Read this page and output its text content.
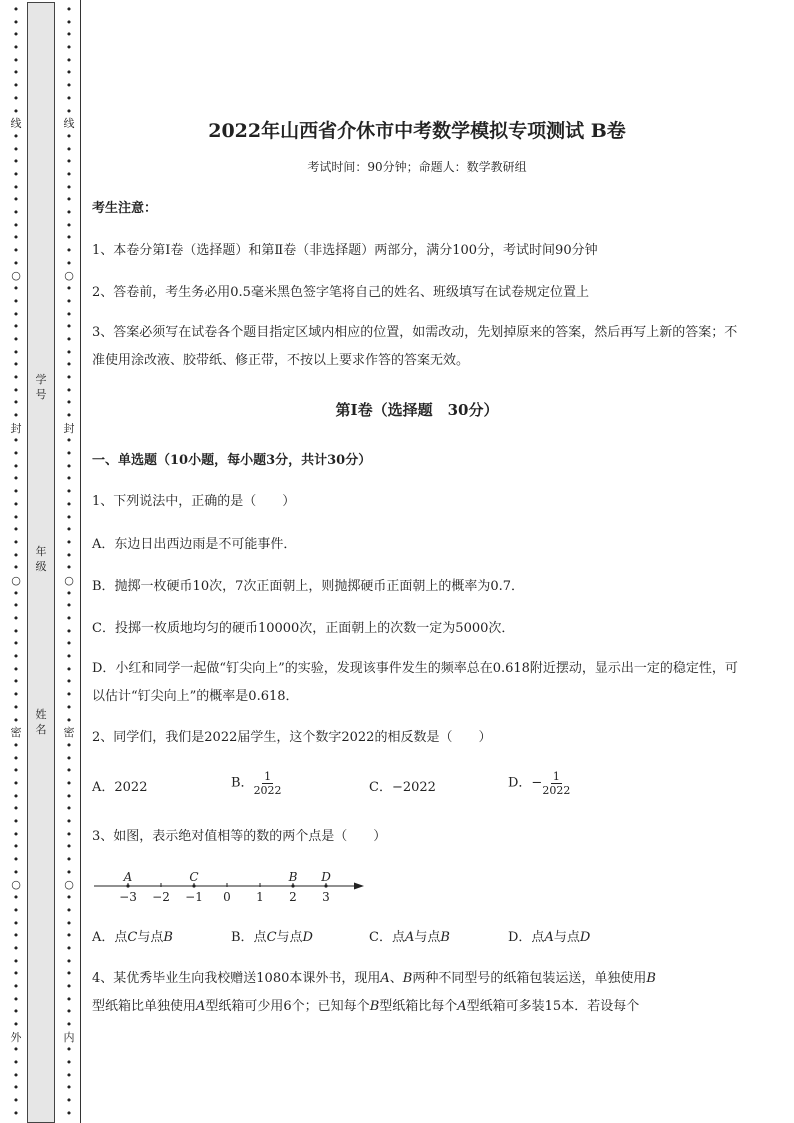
•
•
•
•
•
•
•
•
•
线
•
•
•
•
•
•
•
•
•
•
•
○
•
•
•
•
•
•
•
•
•
•
•
封
•
•
•
•
•
•
•
•
•
•
•
○
•
•
•
•
•
•
•
•
•
•
•
密
•
•
•
•
•
•
•
•
•
•
•
○
•
•
•
•
•
•
•
•
•
•
•
外
•
•
•
•
•
•
学号
年级
姓名
•
•
•
•
•
•
•
•
•
线
•
•
•
•
•
•
•
•
•
•
•
○
•
•
•
•
•
•
•
•
•
•
•
封
•
•
•
•
•
•
•
•
•
•
•
○
•
•
•
•
•
•
•
•
•
•
•
密
•
•
•
•
•
•
•
•
•
•
•
○
•
•
•
•
•
•
•
•
•
•
•
内
•
•
•
•
•
•
2022年山西省介休市中考数学模拟专项测试 B卷
考试时间：90分钟；命题人：数学教研组
考生注意：
1、本卷分第I卷（选择题）和第Ⅱ卷（非选择题）两部分，满分100分，考试时间90分钟
2、答卷前，考生务必用0.5毫米黑色签字笔将自己的姓名、班级填写在试卷规定位置上
3、答案必须写在试卷各个题目指定区域内相应的位置，如需改动，先划掉原来的答案，然后再写上新的答案；不准使用涂改液、胶带纸、修正带，不按以上要求作答的答案无效。
第I卷（选择题　30分）
一、单选题（10小题，每小题3分，共计30分）
1、下列说法中，正确的是（　　）
A．东边日出西边雨是不可能事件．
B．抛掷一枚硬币10次，7次正面朝上，则抛掷硬币正面朝上的概率为0.7．
C．投掷一枚质地均匀的硬币10000次，正面朝上的次数一定为5000次．
D．小红和同学一起做“钉尖向上”的实验，发现该事件发生的频率总在0.618附近摆动，显示出一定的稳定性，可以估计“钉尖向上”的概率是0.618．
2、同学们，我们是2022届学生，这个数字2022的相反数是（　　）
A．2022	B． $\frac{1}{2022}$	C．−2022	D．− $\frac{1}{2022}$
3、如图，表示绝对值相等的数的两个点是（　　）
−3 −2 −1 0 1 2 3
A	C	B D
A．点C与点B	B．点C与点D	C．点A与点B	D．点A与点D
4、某优秀毕业生向我校赠送1080本课外书，现用A、B两种不同型号的纸箱包装运送，单独使用B
型纸箱比单独使用A型纸箱可少用6个；已知每个B型纸箱比每个A型纸箱可多装15本．若设每个
